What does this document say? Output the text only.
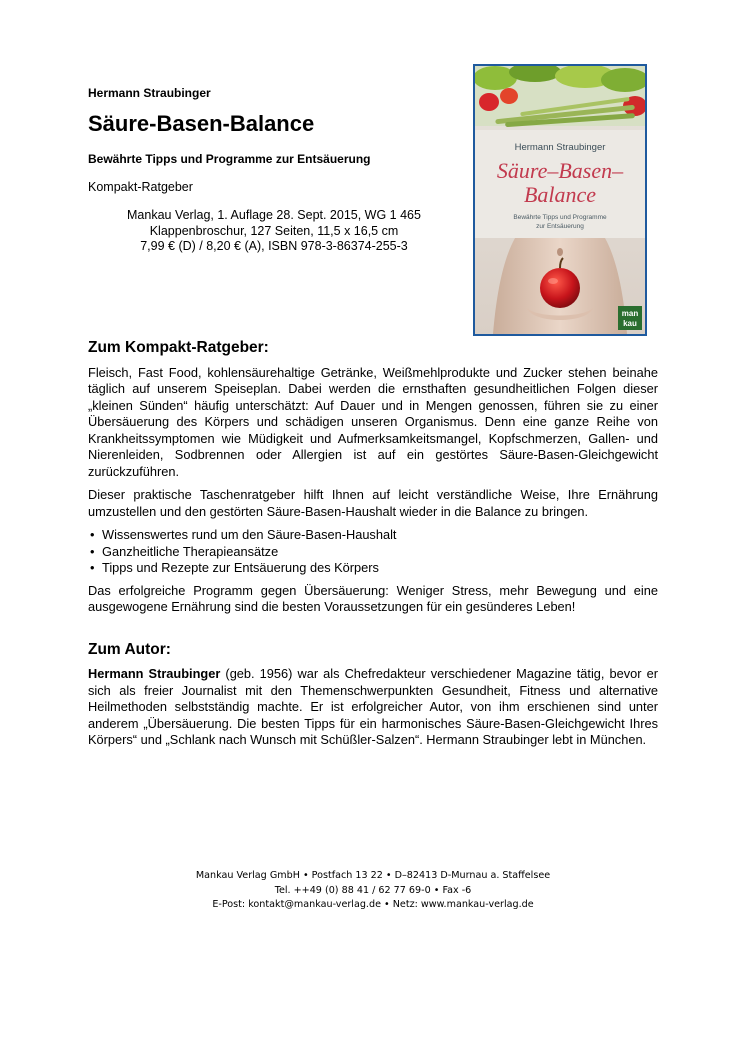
Hermann Straubinger

Säure-Basen-Balance

Bewährte Tipps und Programme zur Entsäuerung

Kompakt-Ratgeber

Mankau Verlag, 1. Auflage 28. Sept. 2015, WG 1 465
Klappenbroschur, 127 Seiten, 11,5 x 16,5 cm
7,99 € (D) / 8,20 € (A), ISBN 978-3-86374-255-3
Hermann Straubinger
Säure–Basen–
Balance
Bewährte Tipps und Programme
zur Entsäuerung
man
kau
Zum Kompakt-Ratgeber:

Fleisch, Fast Food, kohlensäurehaltige Getränke, Weißmehlprodukte und Zucker stehen beinahe täglich auf unserem Speiseplan. Dabei werden die ernsthaften gesundheitlichen Folgen dieser „kleinen Sünden“ häufig unterschätzt: Auf Dauer und in Mengen genossen, führen sie zu einer Übersäuerung des Körpers und schädigen unseren Organismus. Denn eine ganze Reihe von Krankheitssymptomen wie Müdigkeit und Aufmerksamkeitsmangel, Kopfschmerzen, Gallen- und Nierenleiden, Sodbrennen oder Allergien ist auf ein gestörtes Säure-Basen-Gleichgewicht zurückzuführen.

Dieser praktische Taschenratgeber hilft Ihnen auf leicht verständliche Weise, Ihre Ernährung umzustellen und den gestörten Säure-Basen-Haushalt wieder in die Balance zu bringen.

• Wissenswertes rund um den Säure-Basen-Haushalt
• Ganzheitliche Therapieansätze
• Tipps und Rezepte zur Entsäuerung des Körpers

Das erfolgreiche Programm gegen Übersäuerung: Weniger Stress, mehr Bewegung und eine ausgewogene Ernährung sind die besten Voraussetzungen für ein gesünderes Leben!

Zum Autor:

Hermann Straubinger (geb. 1956) war als Chefredakteur verschiedener Magazine tätig, bevor er sich als freier Journalist mit den Themenschwerpunkten Gesundheit, Fitness und alternative Heilmethoden selbstständig machte. Er ist erfolgreicher Autor, von ihm erschienen sind unter anderem „Übersäuerung. Die besten Tipps für ein harmonisches Säure-Basen-Gleichgewicht Ihres Körpers“ und „Schlank nach Wunsch mit Schüßler-Salzen“. Hermann Straubinger lebt in München.

Mankau Verlag GmbH • Postfach 13 22 • D–82413 D-Murnau a. Staffelsee
Tel. ++49 (0) 88 41 / 62 77 69-0 • Fax -6
E-Post: kontakt@mankau-verlag.de • Netz: www.mankau-verlag.de
